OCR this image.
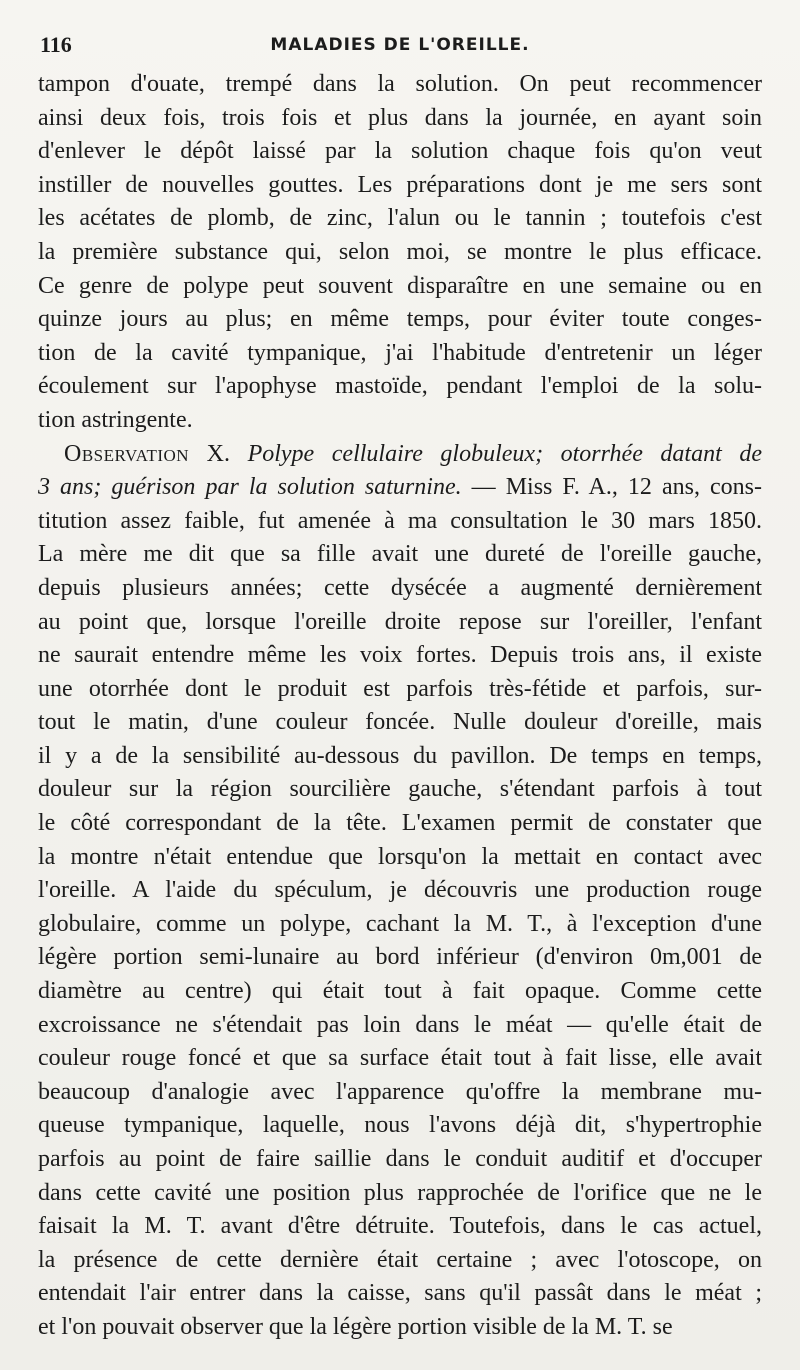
116	MALADIES DE L'OREILLE.
tampon d'ouate, trempé dans la solution. On peut recommencer
ainsi deux fois, trois fois et plus dans la journée, en ayant soin
d'enlever le dépôt laissé par la solution chaque fois qu'on veut
instiller de nouvelles gouttes. Les préparations dont je me sers sont
les acétates de plomb, de zinc, l'alun ou le tannin ; toutefois c'est
la première substance qui, selon moi, se montre le plus efficace.
Ce genre de polype peut souvent disparaître en une semaine ou en
quinze jours au plus; en même temps, pour éviter toute conges-
tion de la cavité tympanique, j'ai l'habitude d'entretenir un léger
écoulement sur l'apophyse mastoïde, pendant l'emploi de la solu-
tion astringente.
Observation X. Polype cellulaire globuleux; otorrhée datant de
3 ans; guérison par la solution saturnine. — Miss F. A., 12 ans, cons-
titution assez faible, fut amenée à ma consultation le 30 mars 1850.
La mère me dit que sa fille avait une dureté de l'oreille gauche,
depuis plusieurs années; cette dysécée a augmenté dernièrement
au point que, lorsque l'oreille droite repose sur l'oreiller, l'enfant
ne saurait entendre même les voix fortes. Depuis trois ans, il existe
une otorrhée dont le produit est parfois très-fétide et parfois, sur-
tout le matin, d'une couleur foncée. Nulle douleur d'oreille, mais
il y a de la sensibilité au-dessous du pavillon. De temps en temps,
douleur sur la région sourcilière gauche, s'étendant parfois à tout
le côté correspondant de la tête. L'examen permit de constater que
la montre n'était entendue que lorsqu'on la mettait en contact avec
l'oreille. A l'aide du spéculum, je découvris une production rouge
globulaire, comme un polype, cachant la M. T., à l'exception d'une
légère portion semi-lunaire au bord inférieur (d'environ 0m,001 de
diamètre au centre) qui était tout à fait opaque. Comme cette
excroissance ne s'étendait pas loin dans le méat — qu'elle était de
couleur rouge foncé et que sa surface était tout à fait lisse, elle avait
beaucoup d'analogie avec l'apparence qu'offre la membrane mu-
queuse tympanique, laquelle, nous l'avons déjà dit, s'hypertrophie
parfois au point de faire saillie dans le conduit auditif et d'occuper
dans cette cavité une position plus rapprochée de l'orifice que ne le
faisait la M. T. avant d'être détruite. Toutefois, dans le cas actuel,
la présence de cette dernière était certaine ; avec l'otoscope, on
entendait l'air entrer dans la caisse, sans qu'il passât dans le méat ;
et l'on pouvait observer que la légère portion visible de la M. T. se
